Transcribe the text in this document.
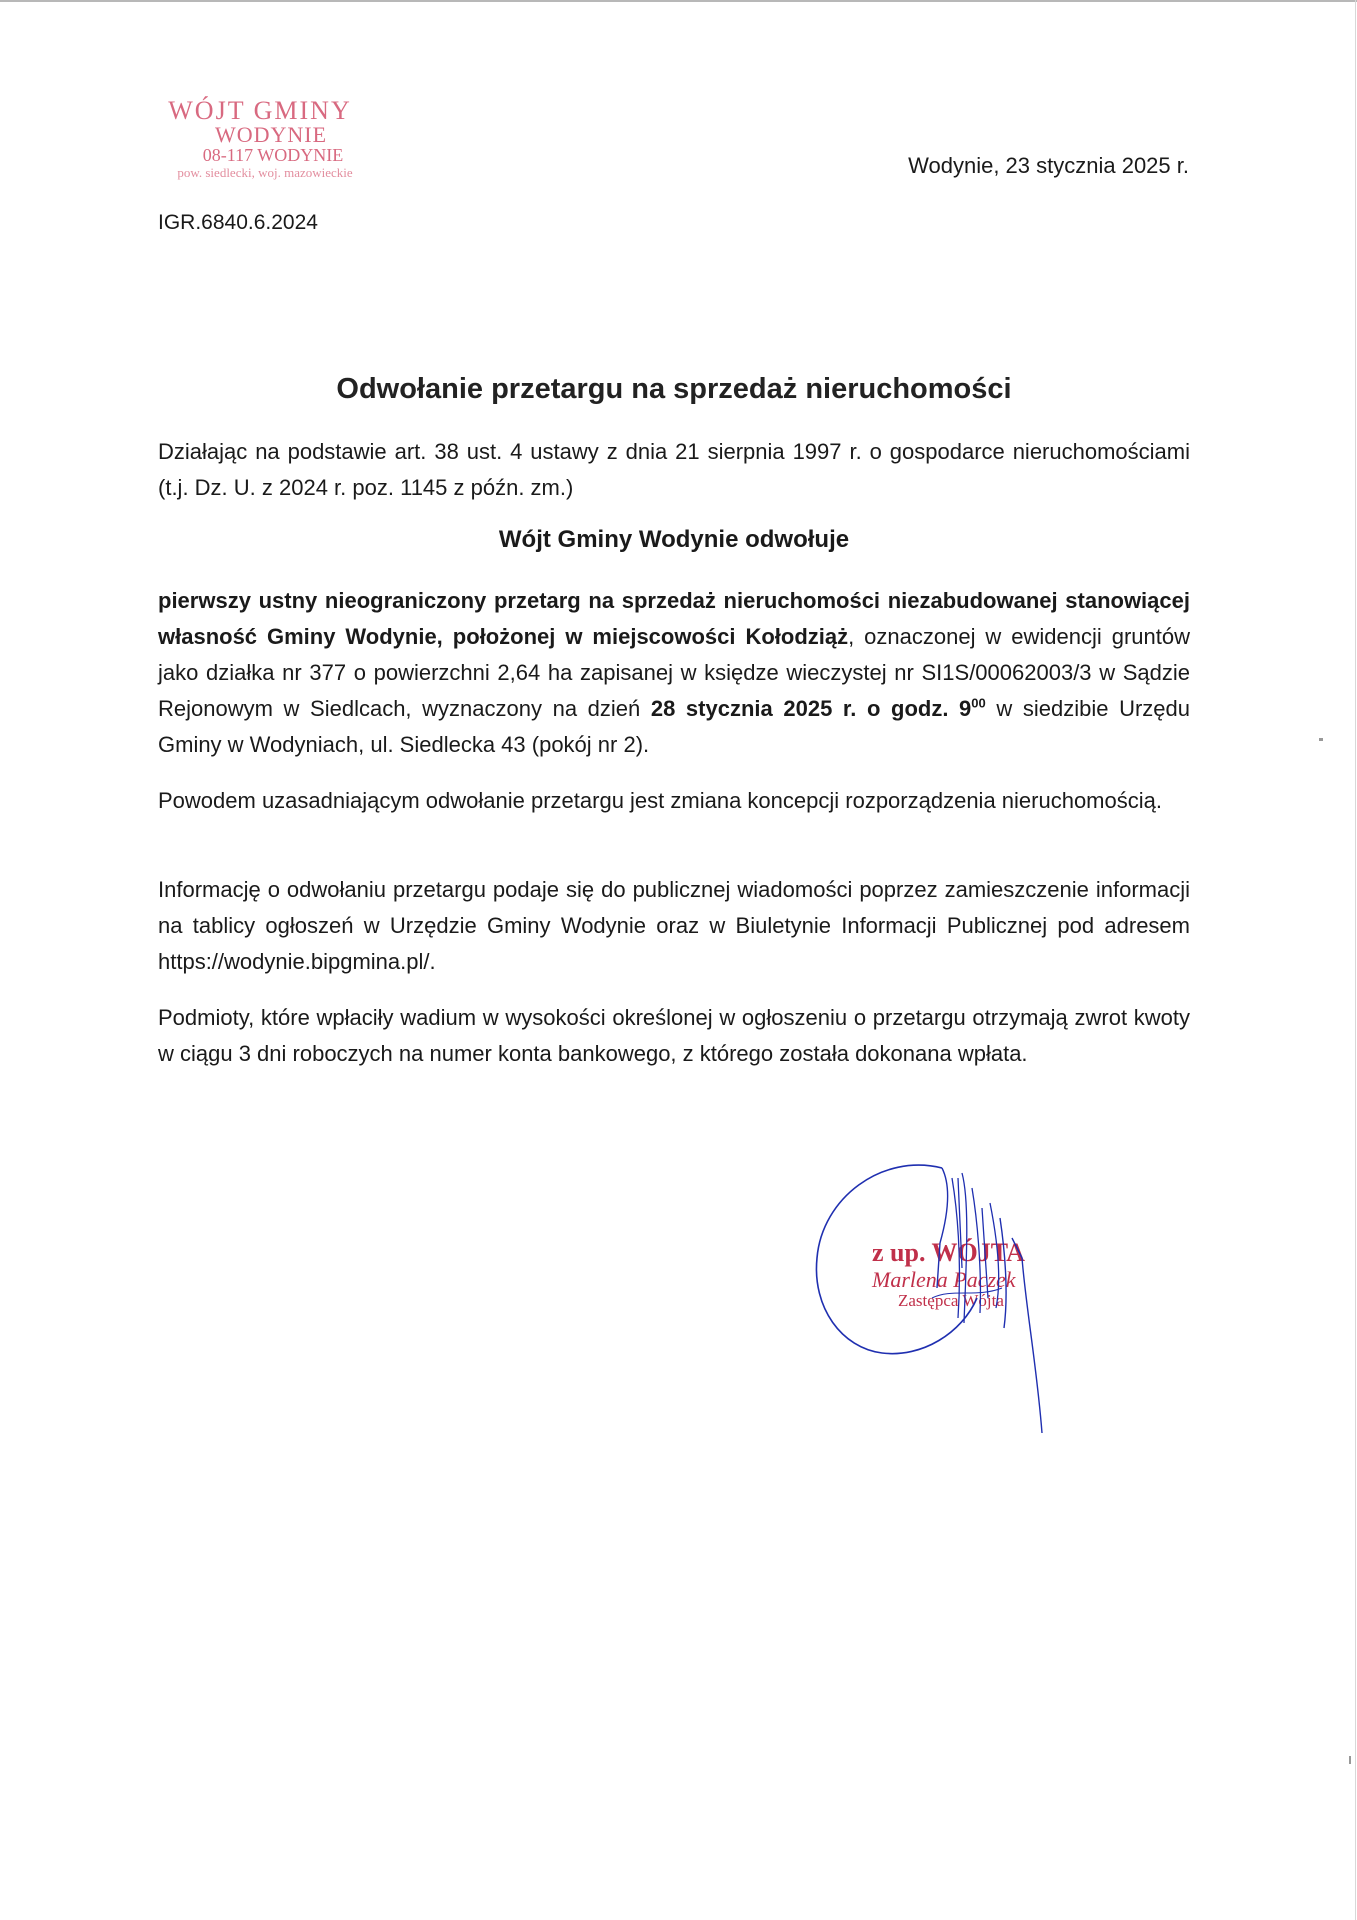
WÓJT GMINY
WODYNIE
08-117 WODYNIE
pow. siedlecki, woj. mazowieckie	Wodynie, 23 stycznia 2025 r.
IGR.6840.6.2024
Odwołanie przetargu na sprzedaż nieruchomości
Działając na podstawie art. 38 ust. 4 ustawy z dnia 21 sierpnia 1997 r. o gospodarce nieruchomościami (t.j. Dz. U. z 2024 r. poz. 1145 z późn. zm.)
Wójt Gminy Wodynie odwołuje
pierwszy ustny nieograniczony przetarg na sprzedaż nieruchomości niezabudowanej stanowiącej własność Gminy Wodynie, położonej w miejscowości Kołodziąż, oznaczonej w ewidencji gruntów jako działka nr 377 o powierzchni 2,64 ha zapisanej w księdze wieczystej nr SI1S/00062003/3 w Sądzie Rejonowym w Siedlcach, wyznaczony na dzień 28 stycznia 2025 r. o godz. $9^{00}$ w siedzibie Urzędu Gminy w Wodyniach, ul. Siedlecka 43 (pokój nr 2).
Powodem uzasadniającym odwołanie przetargu jest zmiana koncepcji rozporządzenia nieruchomością.
Informację o odwołaniu przetargu podaje się do publicznej wiadomości poprzez zamieszczenie informacji na tablicy ogłoszeń w Urzędzie Gminy Wodynie oraz w Biuletynie Informacji Publicznej pod adresem https://wodynie.bipgmina.pl/.
Podmioty, które wpłaciły wadium w wysokości określonej w ogłoszeniu o przetargu otrzymają zwrot kwoty w ciągu 3 dni roboczych na numer konta bankowego, z którego została dokonana wpłata.
z up. WÓJTA
Marlena Paczek
Zastępca Wójta
